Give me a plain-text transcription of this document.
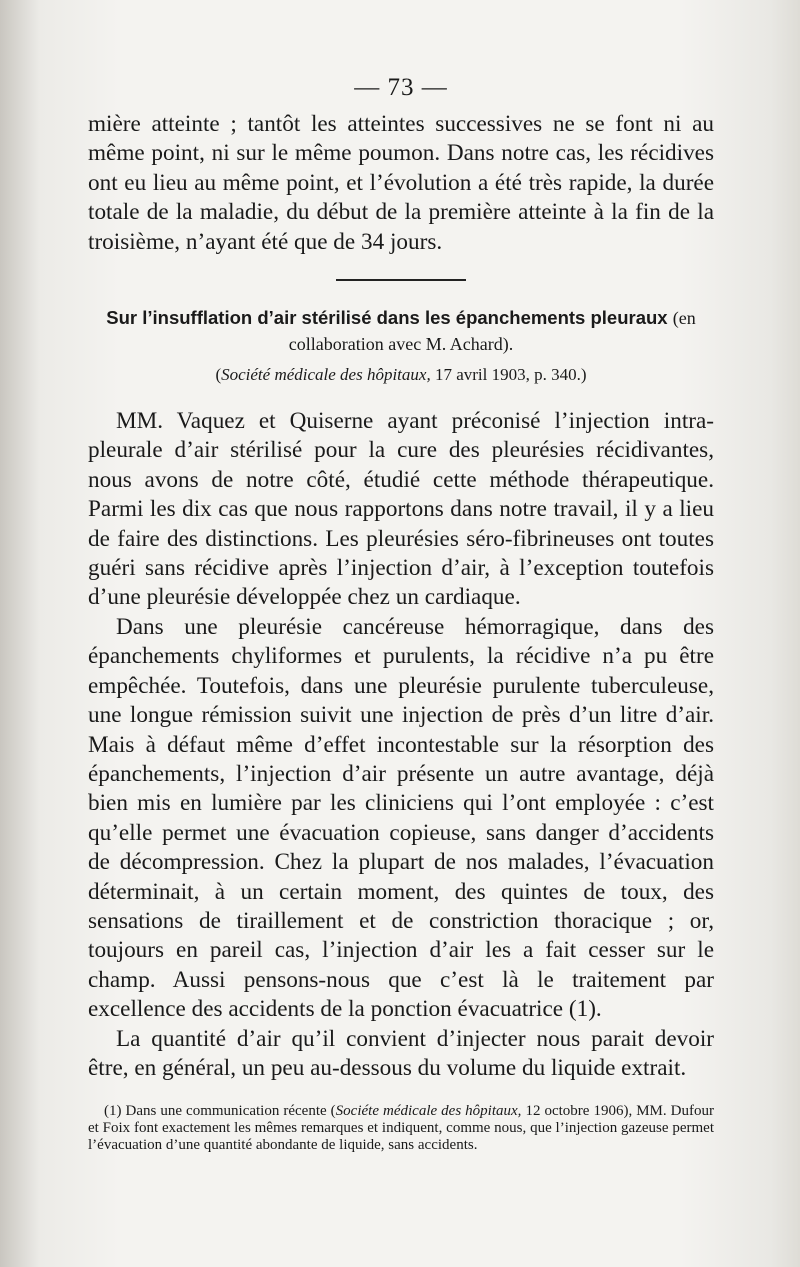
— 73 —

mière atteinte ; tantôt les atteintes successives ne se font ni au même point, ni sur le même poumon. Dans notre cas, les récidives ont eu lieu au même point, et l’évolution a été très rapide, la durée totale de la maladie, du début de la première atteinte à la fin de la troisième, n’ayant été que de 34 jours.

Sur l’insufflation d’air stérilisé dans les épanchements pleuraux (en collaboration avec M. Achard).
(Société médicale des hôpitaux, 17 avril 1903, p. 340.)

MM. Vaquez et Quiserne ayant préconisé l’injection intra-pleurale d’air stérilisé pour la cure des pleurésies récidivantes, nous avons de notre côté, étudié cette méthode thérapeutique. Parmi les dix cas que nous rapportons dans notre travail, il y a lieu de faire des distinctions. Les pleurésies séro-fibrineuses ont toutes guéri sans récidive après l’injection d’air, à l’exception toutefois d’une pleurésie développée chez un cardiaque.

Dans une pleurésie cancéreuse hémorragique, dans des épanchements chyliformes et purulents, la récidive n’a pu être empêchée. Toutefois, dans une pleurésie purulente tuberculeuse, une longue rémission suivit une injection de près d’un litre d’air. Mais à défaut même d’effet incontestable sur la résorption des épanchements, l’injection d’air présente un autre avantage, déjà bien mis en lumière par les cliniciens qui l’ont employée : c’est qu’elle permet une évacuation copieuse, sans danger d’accidents de décompression. Chez la plupart de nos malades, l’évacuation déterminait, à un certain moment, des quintes de toux, des sensations de tiraillement et de constriction thoracique ; or, toujours en pareil cas, l’injection d’air les a fait cesser sur le champ. Aussi pensons-nous que c’est là le traitement par excellence des accidents de la ponction évacuatrice (1).

La quantité d’air qu’il convient d’injecter nous parait devoir être, en général, un peu au-dessous du volume du liquide extrait.

(1) Dans une communication récente (Sociéte médicale des hôpitaux, 12 octobre 1906), MM. Dufour et Foix font exactement les mêmes remarques et indiquent, comme nous, que l’injection gazeuse permet l’évacuation d’une quantité abondante de liquide, sans accidents.
